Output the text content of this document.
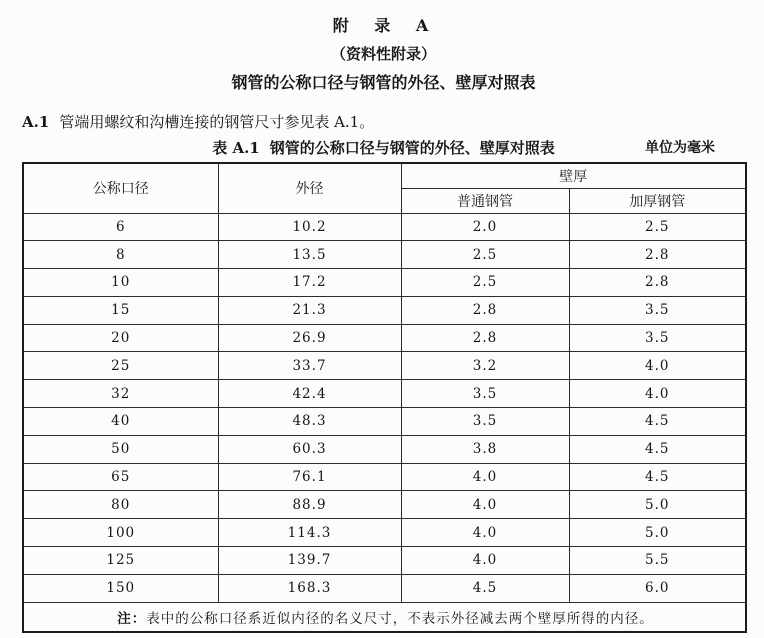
附 录 A
（资料性附录）
钢管的公称口径与钢管的外径、壁厚对照表

A.1 管端用螺纹和沟槽连接的钢管尺寸参见表 A.1。

表 A.1 钢管的公称口径与钢管的外径、壁厚对照表	单位为毫米
公称口径	外径	壁厚	
		普通钢管	加厚钢管
6	10.2	2.0	2.5
8	13.5	2.5	2.8
10	17.2	2.5	2.8
15	21.3	2.8	3.5
20	26.9	2.8	3.5
25	33.7	3.2	4.0
32	42.4	3.5	4.0
40	48.3	3.5	4.5
50	60.3	3.8	4.5
65	76.1	4.0	4.5
80	88.9	4.0	5.0
100	114.3	4.0	5.0
125	139.7	4.0	5.5
150	168.3	4.5	6.0
注：表中的公称口径系近似内径的名义尺寸，不表示外径减去两个壁厚所得的内径。			
